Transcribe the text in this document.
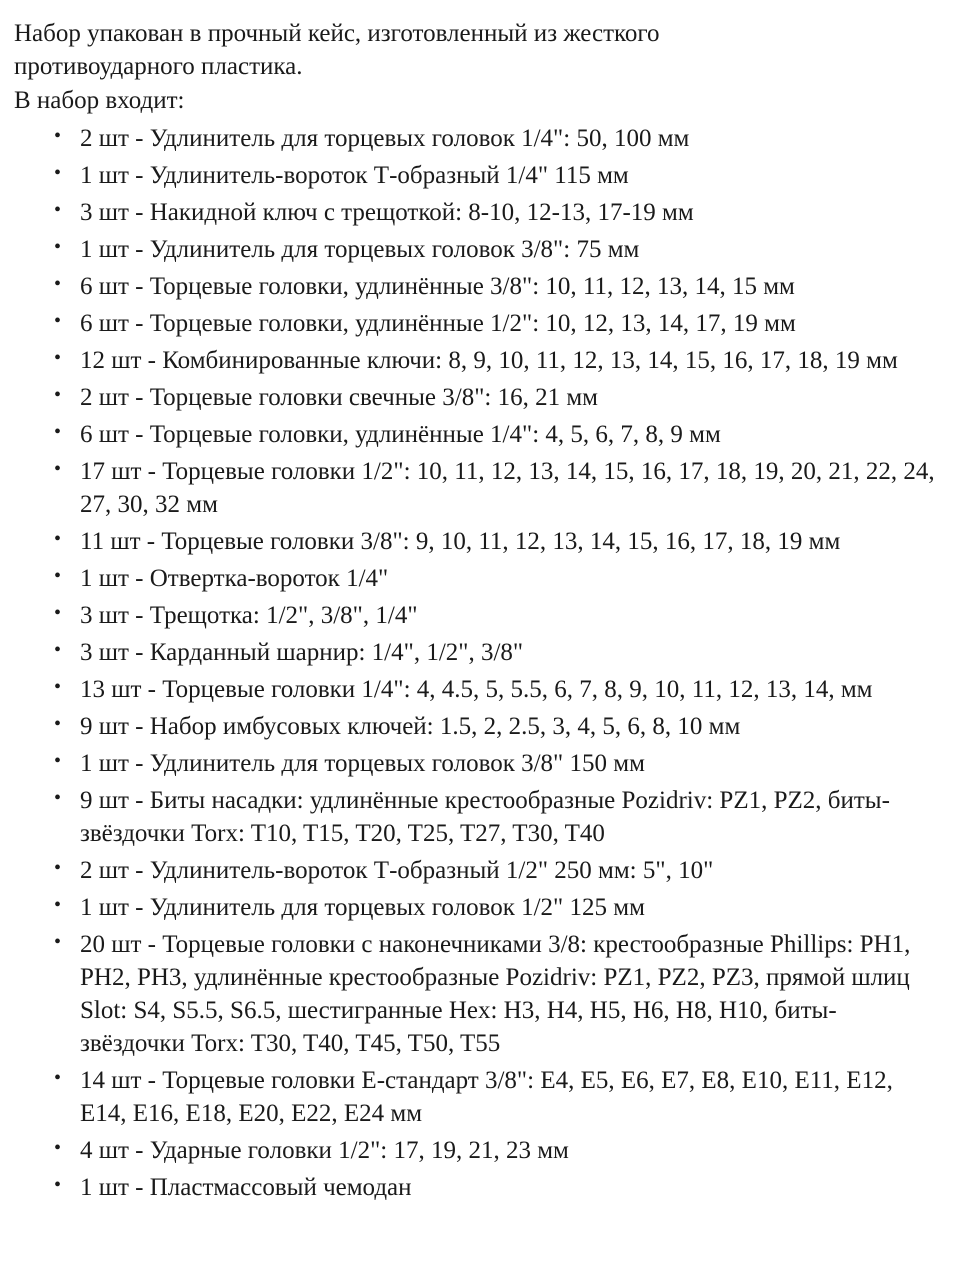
Набор упакован в прочный кейс, изготовленный из жесткого
противоударного пластика.

В набор входит:

• 2 шт - Удлинитель для торцевых головок 1/4": 50, 100 мм
• 1 шт - Удлинитель-вороток Т-образный 1/4" 115 мм
• 3 шт - Накидной ключ с трещоткой: 8-10, 12-13, 17-19 мм
• 1 шт - Удлинитель для торцевых головок 3/8": 75 мм
• 6 шт - Торцевые головки, удлинённые 3/8": 10, 11, 12, 13, 14, 15 мм
• 6 шт - Торцевые головки, удлинённые 1/2": 10, 12, 13, 14, 17, 19 мм
• 12 шт - Комбинированные ключи: 8, 9, 10, 11, 12, 13, 14, 15, 16, 17, 18, 19 мм
• 2 шт - Торцевые головки свечные 3/8": 16, 21 мм
• 6 шт - Торцевые головки, удлинённые 1/4": 4, 5, 6, 7, 8, 9 мм
• 17 шт - Торцевые головки 1/2": 10, 11, 12, 13, 14, 15, 16, 17, 18, 19, 20, 21, 22, 24, 27, 30, 32 мм
• 11 шт - Торцевые головки 3/8": 9, 10, 11, 12, 13, 14, 15, 16, 17, 18, 19 мм
• 1 шт - Отвертка-вороток 1/4"
• 3 шт - Трещотка: 1/2", 3/8", 1/4"
• 3 шт - Карданный шарнир: 1/4", 1/2", 3/8"
• 13 шт - Торцевые головки 1/4": 4, 4.5, 5, 5.5, 6, 7, 8, 9, 10, 11, 12, 13, 14, мм
• 9 шт - Набор имбусовых ключей: 1.5, 2, 2.5, 3, 4, 5, 6, 8, 10 мм
• 1 шт - Удлинитель для торцевых головок 3/8" 150 мм
• 9 шт - Биты насадки: удлинённые крестообразные Pozidriv: PZ1, PZ2, биты-звёздочки Torx: T10, T15, T20, T25, T27, T30, T40
• 2 шт - Удлинитель-вороток Т-образный 1/2" 250 мм: 5", 10"
• 1 шт - Удлинитель для торцевых головок 1/2" 125 мм
• 20 шт - Торцевые головки с наконечниками 3/8: крестообразные Phillips: PH1, PH2, PH3, удлинённые крестообразные Pozidriv: PZ1, PZ2, PZ3, прямой шлиц Slot: S4, S5.5, S6.5, шестигранные Hex: H3, H4, H5, H6, H8, H10, биты-звёздочки Torx: T30, T40, T45, T50, T55
• 14 шт - Торцевые головки Е-стандарт 3/8": Е4, Е5, Е6, Е7, Е8, Е10, Е11, Е12, Е14, Е16, Е18, Е20, Е22, Е24 мм
• 4 шт - Ударные головки 1/2": 17, 19, 21, 23 мм
• 1 шт - Пластмассовый чемодан
